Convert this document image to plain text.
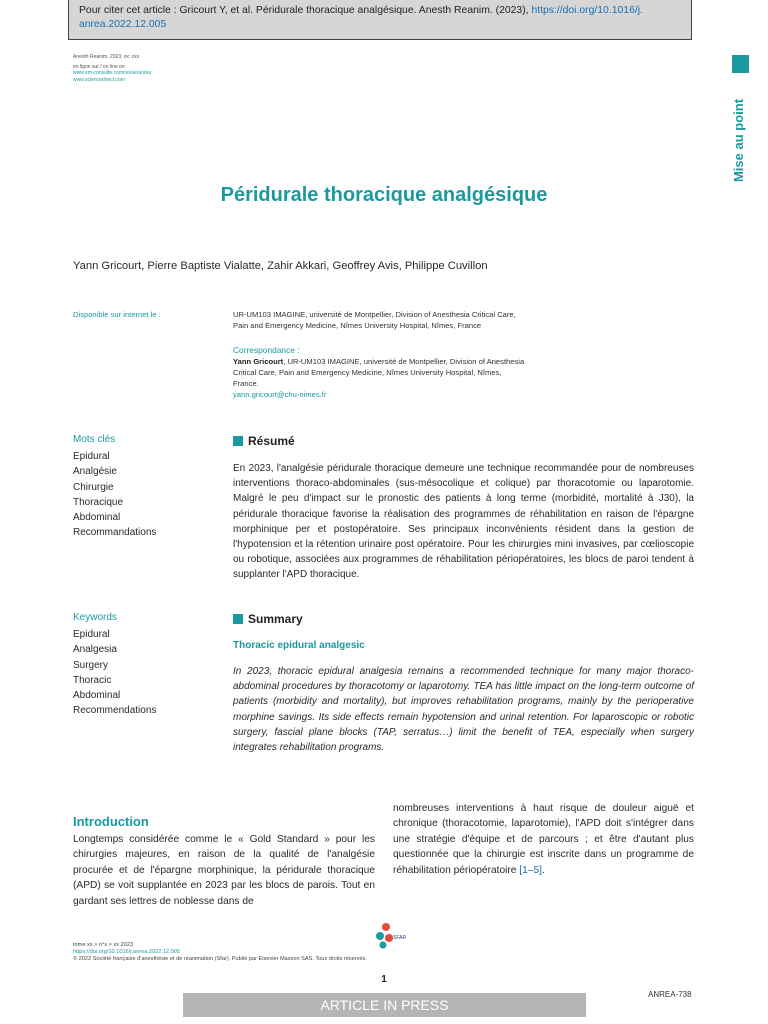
Pour citer cet article : Gricourt Y, et al. Péridurale thoracique analgésique. Anesth Reanim. (2023), https://doi.org/10.1016/j.
anrea.2022.12.005
Anesth Reanim. 2023; xx: xxx
en ligne sur / on line on
www.em-consulte.com/revue/anrea
www.sciencedirect.com
Mise au point
Péridurale thoracique analgésique
Yann Gricourt, Pierre Baptiste Vialatte, Zahir Akkari, Geoffrey Avis, Philippe Cuvillon
Disponible sur internet le :	UR-UM103 IMAGINE, université de Montpellier, Division of Anesthesia Critical Care,
Pain and Emergency Medicine, Nîmes University Hospital, Nîmes, France
Correspondance :
Yann Gricourt, UR-UM103 IMAGINE, université de Montpellier, Division of Anesthesia
Critical Care, Pain and Emergency Medicine, Nîmes University Hospital, Nîmes,
France.
yann.gricourt@chu-nimes.fr
Mots clés
Epidural
Analgésie
Chirurgie
Thoracique
Abdominal
Recommandations
Résumé
En 2023, l'analgésie péridurale thoracique demeure une technique recommandée pour de nombreuses interventions thoraco-abdominales (sus-mésocolique et colique) par thoracotomie ou laparotomie. Malgré le peu d'impact sur le pronostic des patients à long terme (morbidité, mortalité à J30), la péridurale thoracique favorise la réalisation des programmes de réhabilitation en raison de l'épargne morphinique per et postopératoire. Ses principaux inconvénients résident dans la gestion de l'hypotension et la rétention urinaire post opératoire. Pour les chirurgies mini invasives, par cœlioscopie ou robotique, associées aux programmes de réhabilitation périopératoires, les blocs de paroi tendent à supplanter l'APD thoracique.
Keywords
Epidural
Analgesia
Surgery
Thoracic
Abdominal
Recommendations
Summary
Thoracic epidural analgesic
In 2023, thoracic epidural analgesia remains a recommended technique for many major thoraco-abdominal procedures by thoracotomy or laparotomy. TEA has little impact on the long-term outcome of patients (morbidity and mortality), but improves rehabilitation programs, mainly by the perioperative morphine savings. Its side effects remain hypotension and urinal retention. For laparoscopic or robotic surgery, fascial plane blocks (TAP, serratus…) limit the benefit of TEA, especially when surgery integrates rehabilitation programs.
Introduction
Longtemps considérée comme le « Gold Standard » pour les chirurgies majeures, en raison de la qualité de l'analgésie procurée et de l'épargne morphinique, la péridurale thoracique (APD) se voit supplantée en 2023 par les blocs de parois. Tout en gardant ses lettres de noblesse dans de
nombreuses interventions à haut risque de douleur aiguë et chronique (thoracotomie, laparotomie), l'APD doit s'intégrer dans une stratégie d'équipe et de parcours ; et être d'autant plus questionnée que la chirurgie est inscrite dans un programme de réhabilitation périopératoire [1–5].
tome xx > n°x > xx 2023
https://doi.org/10.1016/j.anrea.2022.12.005
© 2022 Société française d'anesthésie et de réanimation (Sfar). Publié par Elsevier Masson SAS. Tous droits réservés.
SFAR
1
ARTICLE IN PRESS
ANREA-738
